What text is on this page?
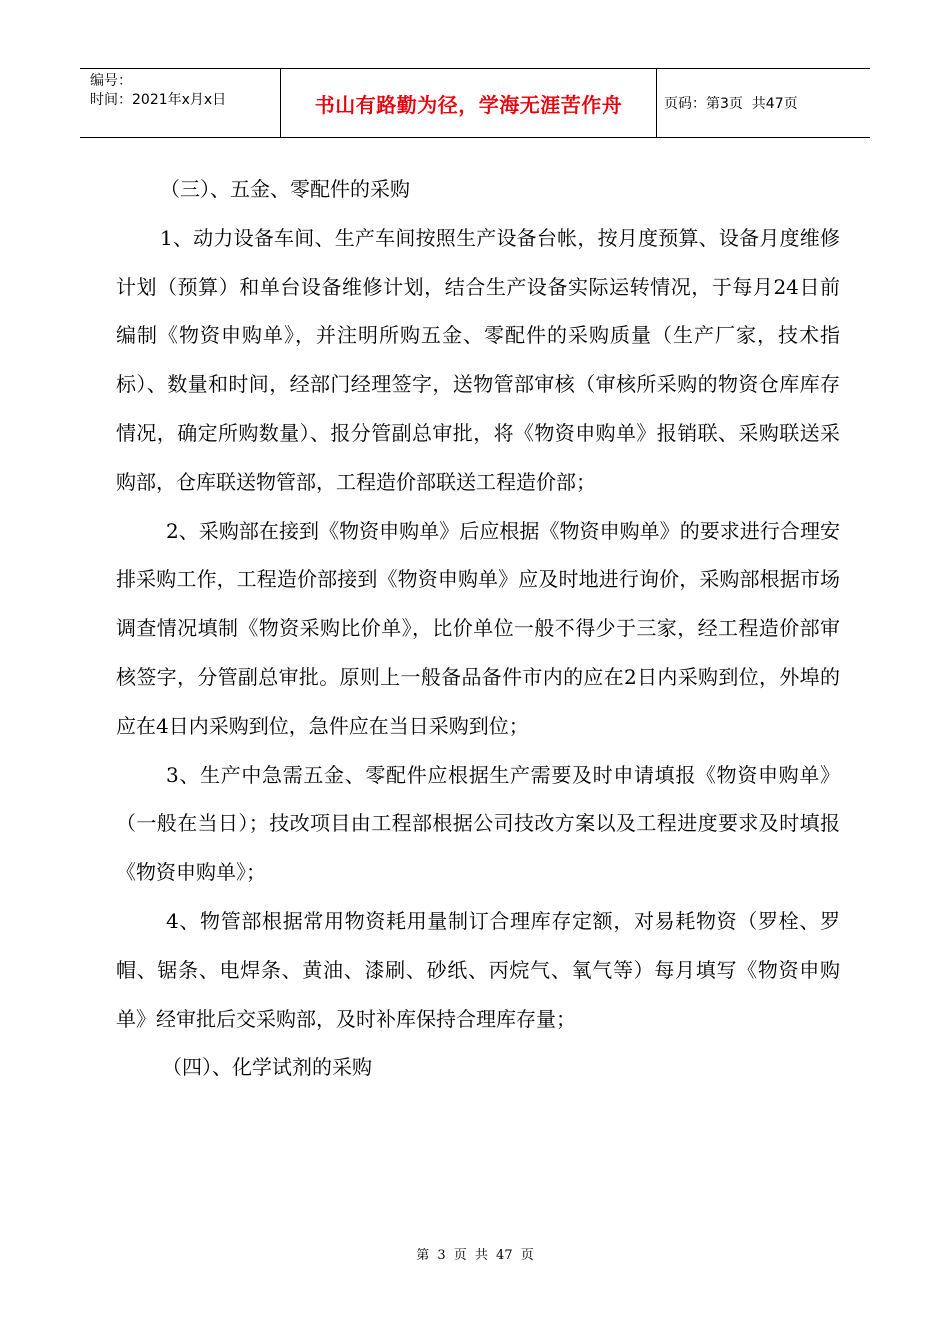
编号：
时间：2021年x月x日	书山有路勤为径，学海无涯苦作舟	页码：第3页  共47页

（三）、五金、零配件的采购

1、动力设备车间、生产车间按照生产设备台帐，按月度预算、设备月度维修计划（预算）和单台设备维修计划，结合生产设备实际运转情况，于每月24日前编制《物资申购单》，并注明所购五金、零配件的采购质量（生产厂家，技术指标）、数量和时间，经部门经理签字，送物管部审核（审核所采购的物资仓库库存情况，确定所购数量）、报分管副总审批，将《物资申购单》报销联、采购联送采购部，仓库联送物管部，工程造价部联送工程造价部；

2、采购部在接到《物资申购单》后应根据《物资申购单》的要求进行合理安排采购工作，工程造价部接到《物资申购单》应及时地进行询价，采购部根据市场调查情况填制《物资采购比价单》，比价单位一般不得少于三家，经工程造价部审核签字，分管副总审批。原则上一般备品备件市内的应在2日内采购到位，外埠的应在4日内采购到位，急件应在当日采购到位；

3、生产中急需五金、零配件应根据生产需要及时申请填报《物资申购单》（一般在当日）；技改项目由工程部根据公司技改方案以及工程进度要求及时填报《物资申购单》；

4、物管部根据常用物资耗用量制订合理库存定额，对易耗物资（罗栓、罗帽、锯条、电焊条、黄油、漆刷、砂纸、丙烷气、氧气等）每月填写《物资申购单》经审批后交采购部，及时补库保持合理库存量；

（四）、化学试剂的采购

第 3 页 共 47 页
